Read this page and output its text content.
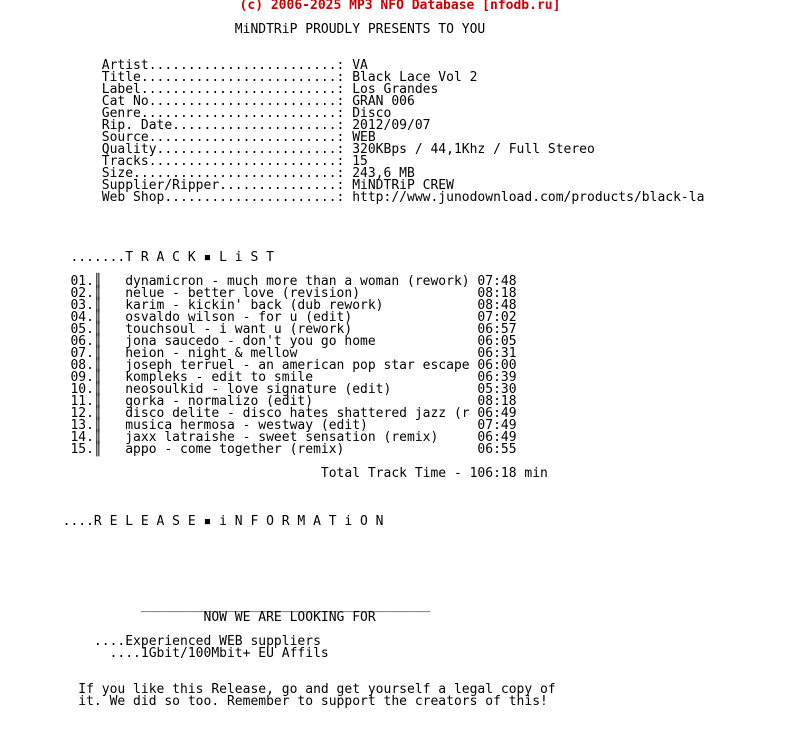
(c) 2006-2025 MP3 NFO Database [nfodb.ru]

MiNDTRiP PROUDLY PRESENTS TO YOU

Artist........................: VA
Title.........................: Black Lace Vol 2
Label.........................: Los Grandes
Cat No........................: GRAN 006
Genre.........................: Disco
Rip. Date.....................: 2012/09/07
Source........................: WEB
Quality.......................: 320KBps / 44,1Khz / Full Stereo
Tracks........................: 15
Size..........................: 243,6 MB
Supplier/Ripper...............: MiNDTRiP CREW
Web Shop......................: http://www.junodownload.com/products/black-la

.......T R A C K ▪ L i S T

01.║   dynamicron - much more than a woman (rework) 07:48
02.║   nelue - better love (revision)               08:18
03.║   karim - kickin' back (dub rework)            08:48
04.║   osvaldo wilson - for u (edit)                07:02
05.║   touchsoul - i want u (rework)                06:57
06.║   jona saucedo - don't you go home             06:05
07.║   heion - night & mellow                       06:31
08.║   joseph terruel - an american pop star escape 06:00
09.║   kompleks - edit to smile                     06:39
10.║   neosoulkid - love signature (edit)           05:30
11.║   gorka - normalizo (edit)                     08:18
12.║   disco delite - disco hates shattered jazz (r 06:49
13.║   musica hermosa - westway (edit)              07:49
14.║   jaxx latraishe - sweet sensation (remix)     06:49
15.║   appo - come together (remix)                 06:55

Total Track Time - 106:18 min

....R E L E A S E ▪ i N F O R M A T i O N

_____________________________________
NOW WE ARE LOOKING FOR

....Experienced WEB suppliers
....1Gbit/100Mbit+ EU Affils

If you like this Release, go and get yourself a legal copy of
it. We did so too. Remember to support the creators of this!
